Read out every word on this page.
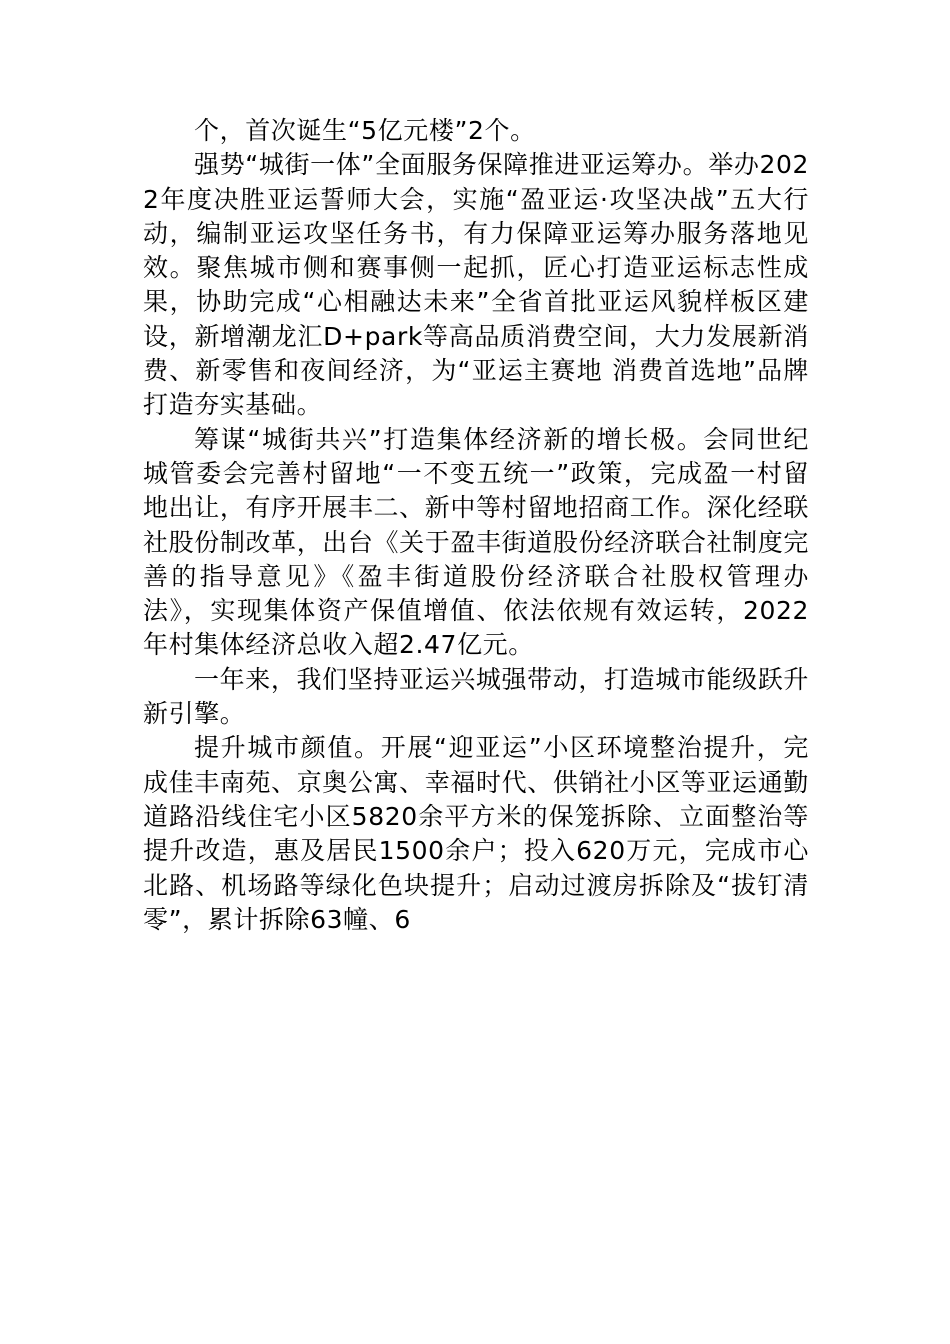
个，首次诞生“5亿元楼”2个。

强势“城街一体”全面服务保障推进亚运筹办。举办2022年度决胜亚运誓师大会，实施“盈亚运·攻坚决战”五大行动，编制亚运攻坚任务书，有力保障亚运筹办服务落地见效。聚焦城市侧和赛事侧一起抓，匠心打造亚运标志性成果，协助完成“心相融达未来”全省首批亚运风貌样板区建设，新增潮龙汇D+park等高品质消费空间，大力发展新消费、新零售和夜间经济，为“亚运主赛地 消费首选地”品牌打造夯实基础。

筹谋“城街共兴”打造集体经济新的增长极。会同世纪城管委会完善村留地“一不变五统一”政策，完成盈一村留地出让，有序开展丰二、新中等村留地招商工作。深化经联社股份制改革，出台《关于盈丰街道股份经济联合社制度完善的指导意见》《盈丰街道股份经济联合社股权管理办法》，实现集体资产保值增值、依法依规有效运转，2022年村集体经济总收入超2.47亿元。

一年来，我们坚持亚运兴城强带动，打造城市能级跃升新引擎。

提升城市颜值。开展“迎亚运”小区环境整治提升，完成佳丰南苑、京奥公寓、幸福时代、供销社小区等亚运通勤道路沿线住宅小区5820余平方米的保笼拆除、立面整治等提升改造，惠及居民1500余户；投入620万元，完成市心北路、机场路等绿化色块提升；启动过渡房拆除及“拔钉清零”，累计拆除63幢、6
